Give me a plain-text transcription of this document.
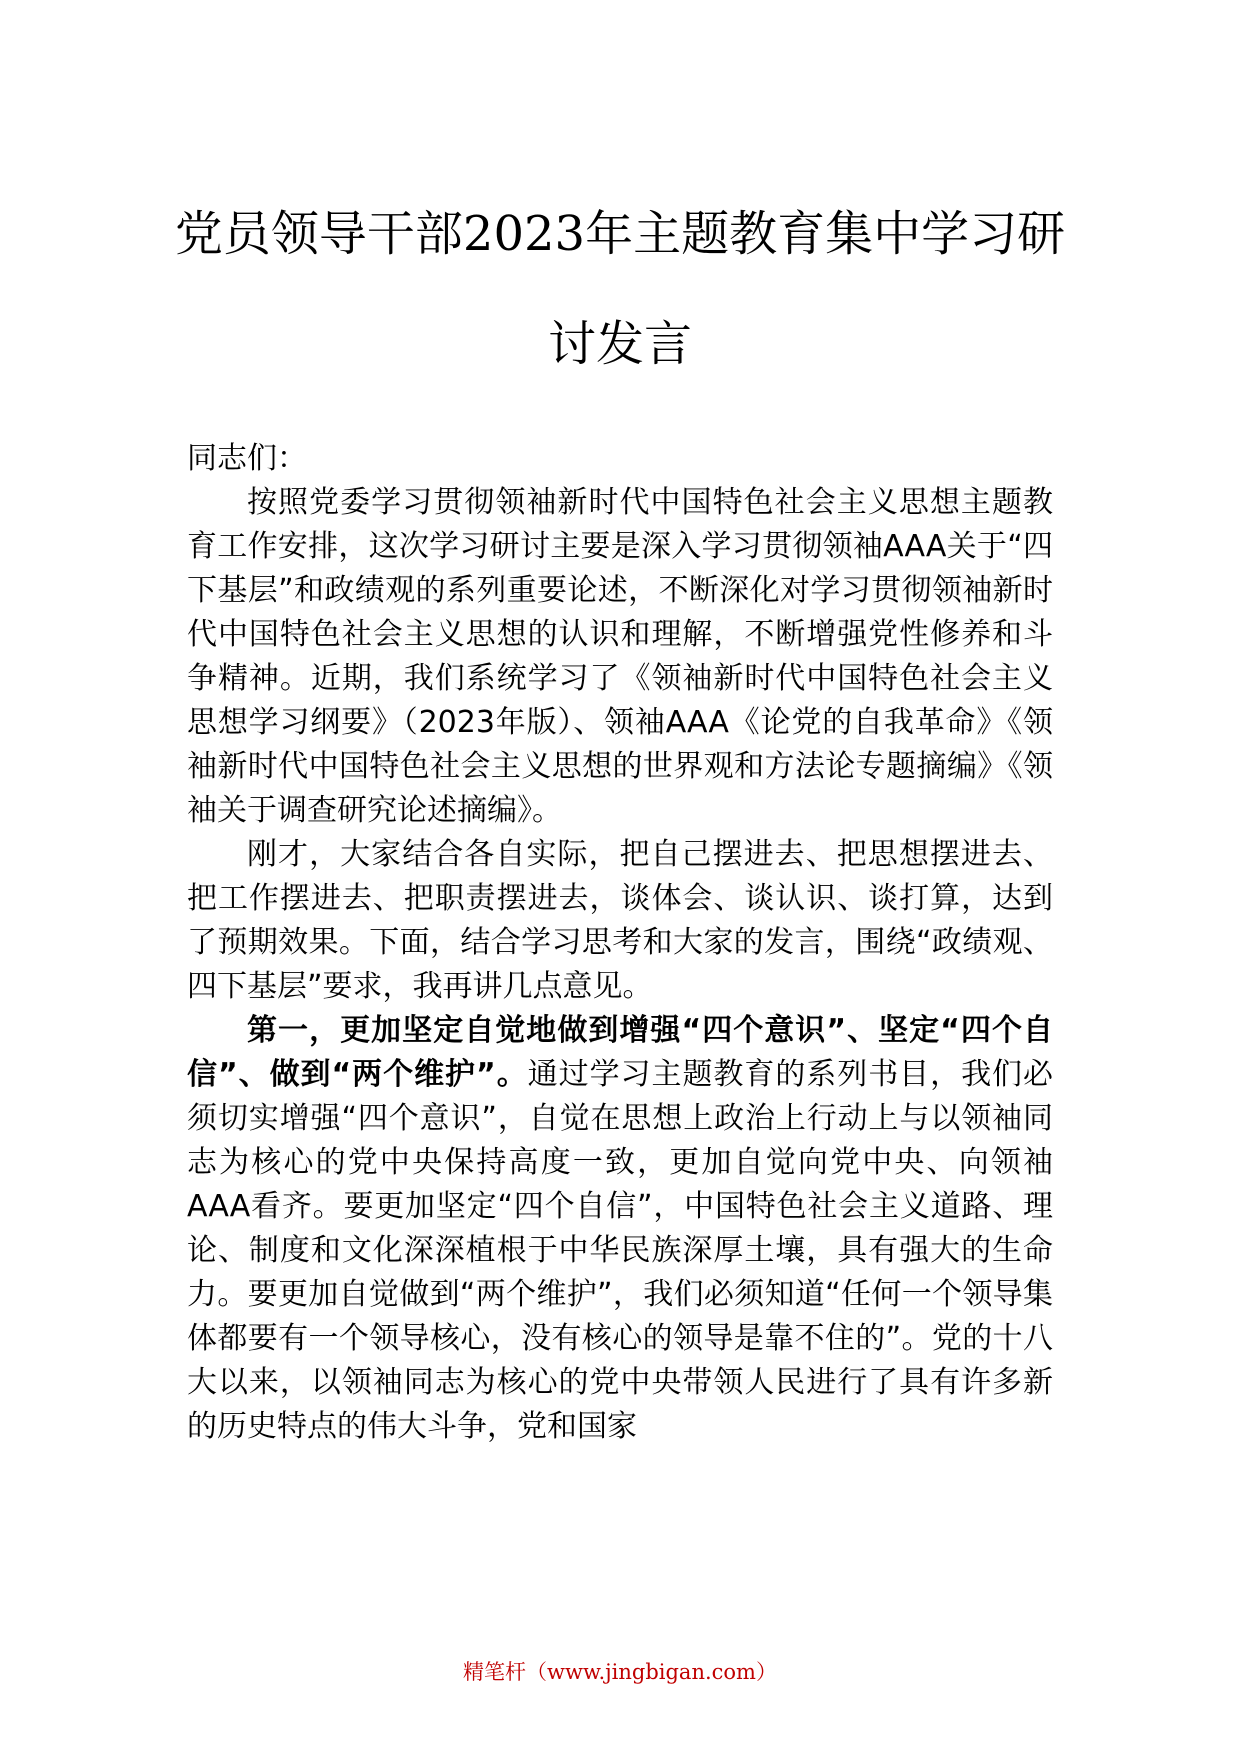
党员领导干部2023年主题教育集中学习研
讨发言

同志们：

按照党委学习贯彻领袖新时代中国特色社会主义思想主题教育工作安排，这次学习研讨主要是深入学习贯彻领袖AAA关于“四下基层”和政绩观的系列重要论述，不断深化对学习贯彻领袖新时代中国特色社会主义思想的认识和理解，不断增强党性修养和斗争精神。近期，我们系统学习了《领袖新时代中国特色社会主义思想学习纲要》（2023年版）、领袖AAA《论党的自我革命》《领袖新时代中国特色社会主义思想的世界观和方法论专题摘编》《领袖关于调查研究论述摘编》。

刚才，大家结合各自实际，把自己摆进去、把思想摆进去、把工作摆进去、把职责摆进去，谈体会、谈认识、谈打算，达到了预期效果。下面，结合学习思考和大家的发言，围绕“政绩观、四下基层”要求，我再讲几点意见。

第一，更加坚定自觉地做到增强“四个意识”、坚定“四个自信”、做到“两个维护”。通过学习主题教育的系列书目，我们必须切实增强“四个意识”，自觉在思想上政治上行动上与以领袖同志为核心的党中央保持高度一致，更加自觉向党中央、向领袖AAA看齐。要更加坚定“四个自信”，中国特色社会主义道路、理论、制度和文化深深植根于中华民族深厚土壤，具有强大的生命力。要更加自觉做到“两个维护”，我们必须知道“任何一个领导集体都要有一个领导核心，没有核心的领导是靠不住的”。党的十八大以来，以领袖同志为核心的党中央带领人民进行了具有许多新的历史特点的伟大斗争，党和国家

精笔杆（www.jingbigan.com）
